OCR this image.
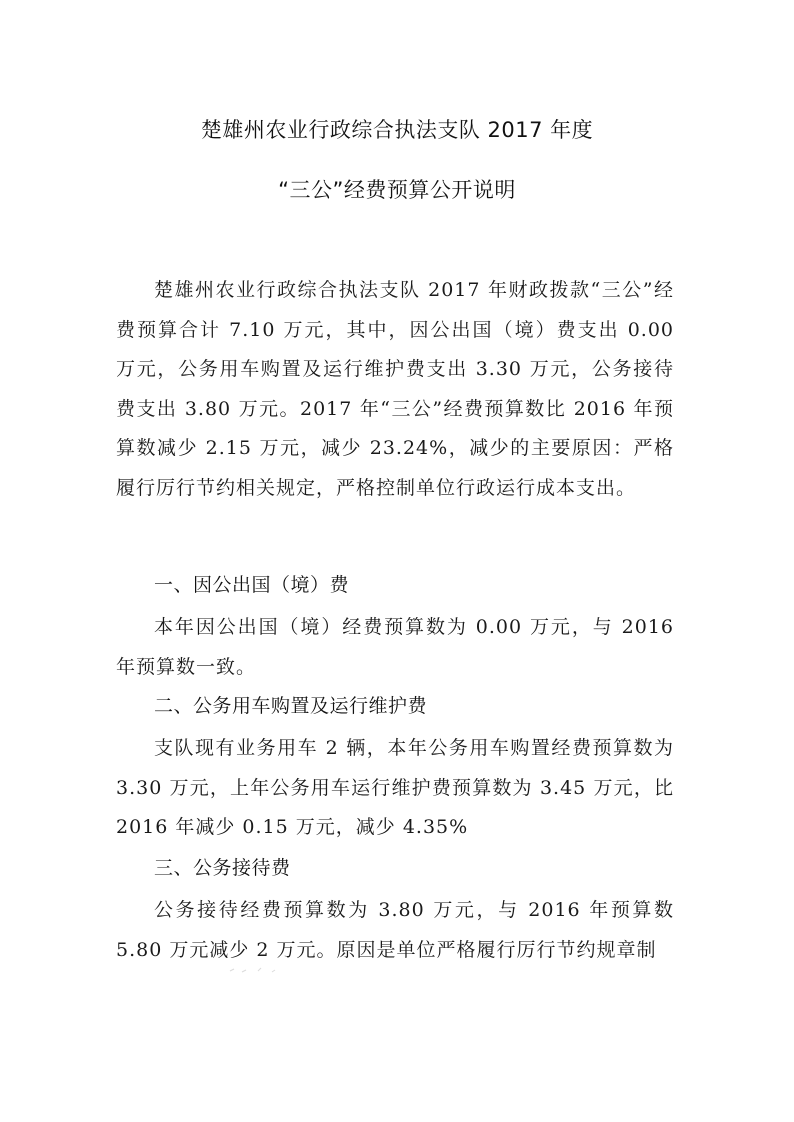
楚雄州农业行政综合执法支队 2017 年度
“三公”经费预算公开说明
楚雄州农业行政综合执法支队 2017 年财政拨款“三公”经费预算合计 7.10 万元，其中，因公出国（境）费支出 0.00 万元，公务用车购置及运行维护费支出 3.30 万元，公务接待费支出 3.80 万元。2017 年“三公”经费预算数比 2016 年预算数减少 2.15 万元，减少 23.24%，减少的主要原因：严格履行厉行节约相关规定，严格控制单位行政运行成本支出。
一、因公出国（境）费
本年因公出国（境）经费预算数为 0.00 万元，与 2016 年预算数一致。
二、公务用车购置及运行维护费
支队现有业务用车 2 辆，本年公务用车购置经费预算数为 3.30 万元，上年公务用车运行维护费预算数为 3.45 万元，比 2016 年减少 0.15 万元，减少 4.35%
三、公务接待费
公务接待经费预算数为 3.80 万元，与 2016 年预算数 5.80 万元减少 2 万元。原因是单位严格履行厉行节约规章制
